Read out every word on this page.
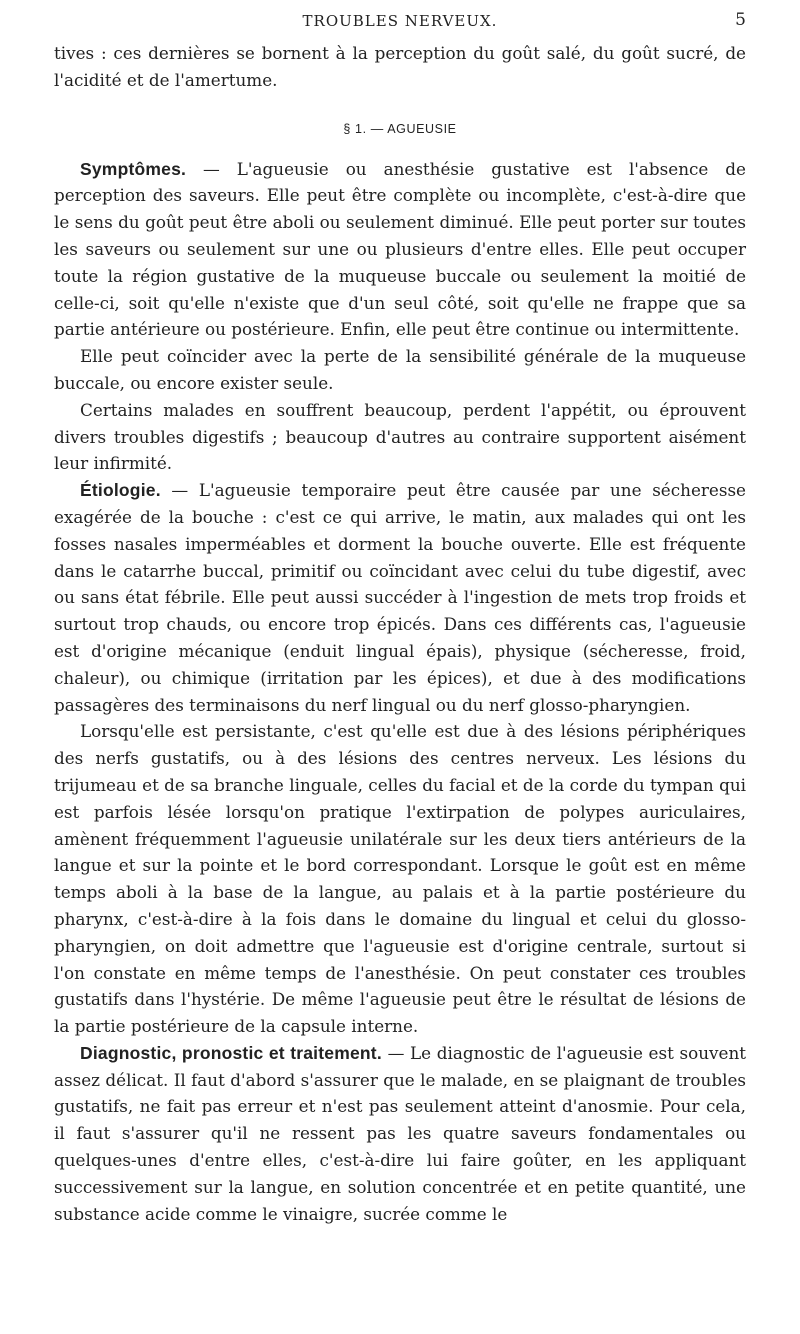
TROUBLES NERVEUX.	5

tives : ces dernières se bornent à la perception du goût salé, du goût sucré, de l'acidité et de l'amertume.

§ 1. — AGUEUSIE

Symptômes. — L'agueusie ou anesthésie gustative est l'absence de perception des saveurs. Elle peut être complète ou incomplète, c'est-à-dire que le sens du goût peut être aboli ou seulement diminué. Elle peut porter sur toutes les saveurs ou seulement sur une ou plusieurs d'entre elles. Elle peut occuper toute la région gustative de la muqueuse buccale ou seulement la moitié de celle-ci, soit qu'elle n'existe que d'un seul côté, soit qu'elle ne frappe que sa partie antérieure ou postérieure. Enfin, elle peut être continue ou intermittente.

Elle peut coïncider avec la perte de la sensibilité générale de la muqueuse buccale, ou encore exister seule.

Certains malades en souffrent beaucoup, perdent l'appétit, ou éprouvent divers troubles digestifs ; beaucoup d'autres au contraire supportent aisément leur infirmité.

Étiologie. — L'agueusie temporaire peut être causée par une sécheresse exagérée de la bouche : c'est ce qui arrive, le matin, aux malades qui ont les fosses nasales imperméables et dorment la bouche ouverte. Elle est fréquente dans le catarrhe buccal, primitif ou coïncidant avec celui du tube digestif, avec ou sans état fébrile. Elle peut aussi succéder à l'ingestion de mets trop froids et surtout trop chauds, ou encore trop épicés. Dans ces différents cas, l'agueusie est d'origine mécanique (enduit lingual épais), physique (sécheresse, froid, chaleur), ou chimique (irritation par les épices), et due à des modifications passagères des terminaisons du nerf lingual ou du nerf glosso-pharyngien.

Lorsqu'elle est persistante, c'est qu'elle est due à des lésions périphériques des nerfs gustatifs, ou à des lésions des centres nerveux. Les lésions du trijumeau et de sa branche linguale, celles du facial et de la corde du tympan qui est parfois lésée lorsqu'on pratique l'extirpation de polypes auriculaires, amènent fréquemment l'agueusie unilatérale sur les deux tiers antérieurs de la langue et sur la pointe et le bord correspondant. Lorsque le goût est en même temps aboli à la base de la langue, au palais et à la partie postérieure du pharynx, c'est-à-dire à la fois dans le domaine du lingual et celui du glosso-pharyngien, on doit admettre que l'agueusie est d'origine centrale, surtout si l'on constate en même temps de l'anesthésie. On peut constater ces troubles gustatifs dans l'hystérie. De même l'agueusie peut être le résultat de lésions de la partie postérieure de la capsule interne.

Diagnostic, pronostic et traitement. — Le diagnostic de l'agueusie est souvent assez délicat. Il faut d'abord s'assurer que le malade, en se plaignant de troubles gustatifs, ne fait pas erreur et n'est pas seulement atteint d'anosmie. Pour cela, il faut s'assurer qu'il ne ressent pas les quatre saveurs fondamentales ou quelques-unes d'entre elles, c'est-à-dire lui faire goûter, en les appliquant successivement sur la langue, en solution concentrée et en petite quantité, une substance acide comme le vinaigre, sucrée comme le
